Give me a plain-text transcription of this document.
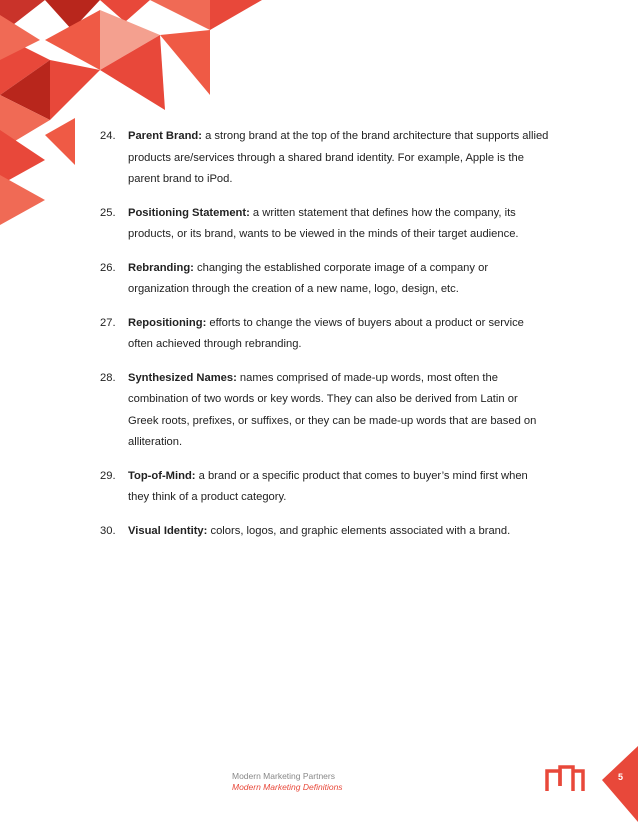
24. Parent Brand: a strong brand at the top of the brand architecture that supports allied products are/services through a shared brand identity. For example, Apple is the parent brand to iPod.
25. Positioning Statement: a written statement that defines how the company, its products, or its brand, wants to be viewed in the minds of their target audience.
26. Rebranding: changing the established corporate image of a company or organization through the creation of a new name, logo, design, etc.
27. Repositioning: efforts to change the views of buyers about a product or service often achieved through rebranding.
28. Synthesized Names: names comprised of made-up words, most often the combination of two words or key words. They can also be derived from Latin or Greek roots, prefixes, or suffixes, or they can be made-up words that are based on alliteration.
29. Top-of-Mind: a brand or a specific product that comes to buyer’s mind first when they think of a product category.
30. Visual Identity: colors, logos, and graphic elements associated with a brand.
Modern Marketing Partners
Modern Marketing Definitions
5
